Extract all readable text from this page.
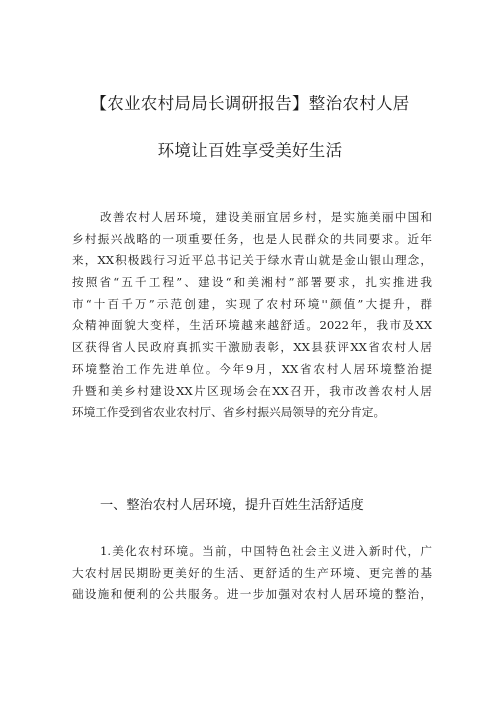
【农业农村局局长调研报告】整治农村人居
环境让百姓享受美好生活
改善农村人居环境，建设美丽宜居乡村，是实施美丽中国和
乡村振兴战略的一项重要任务，也是人民群众的共同要求。近年
来，XX积极践行习近平总书记关于绿水青山就是金山银山理念，
按照省“五千工程”、建设“和美湘村”部署要求，扎实推进我
市“十百千万”示范创建，实现了农村环境''颜值”大提升，群
众精神面貌大变样，生活环境越来越舒适。2022年，我市及XX
区获得省人民政府真抓实干激励表彰，XX县获评XX省农村人居
环境整治工作先进单位。今年9月，XX省农村人居环境整治提
升暨和美乡村建设XX片区现场会在XX召开，我市改善农村人居
环境工作受到省农业农村厅、省乡村振兴局领导的充分肯定。
一、整治农村人居环境，提升百姓生活舒适度
1.美化农村环境。当前，中国特色社会主义进入新时代，广
大农村居民期盼更美好的生活、更舒适的生产环境、更完善的基
础设施和便利的公共服务。进一步加强对农村人居环境的整治，
